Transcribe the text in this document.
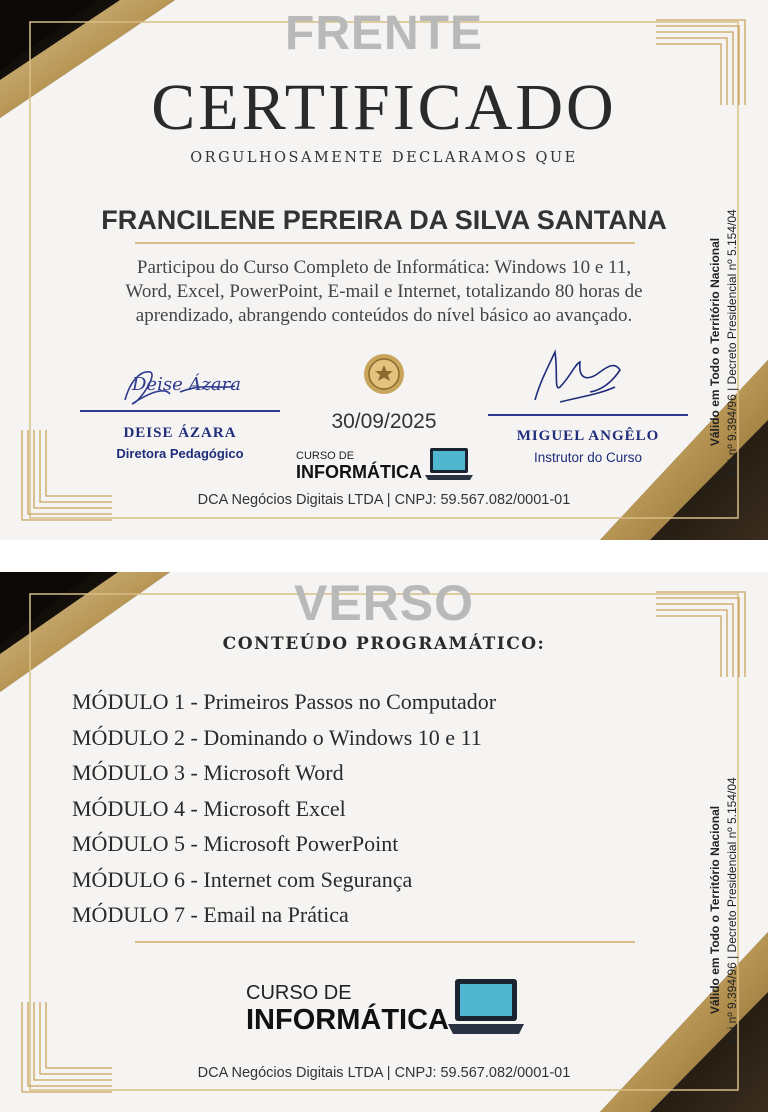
FRENTE
CERTIFICADO
ORGULHOSAMENTE DECLARAMOS QUE
FRANCILENE PEREIRA DA SILVA SANTANA
Participou do Curso Completo de Informática: Windows 10 e 11,
Word, Excel, PowerPoint, E-mail e Internet, totalizando 80 horas de
aprendizado, abrangendo conteúdos do nível básico ao avançado.
Deise Ázara
DEISE ÁZARA
Diretora Pedagógico
30/09/2025
CURSO DE
INFORMÁTICA
MIGUEL ANGÊLO
Instrutor do Curso
DCA Negócios Digitais LTDA | CNPJ: 59.567.082/0001-01
Válido em Todo o Território Nacional Lei nº 9.394/96 | Decreto Presidencial nº 5.154/04
VERSO
CONTEÚDO PROGRAMÁTICO:
MÓDULO 1 - Primeiros Passos no Computador
MÓDULO 2 - Dominando o Windows 10 e 11
MÓDULO 3 - Microsoft Word
MÓDULO 4 - Microsoft Excel
MÓDULO 5 - Microsoft PowerPoint
MÓDULO 6 - Internet com Segurança
MÓDULO 7 - Email na Prática
CURSO DE
INFORMÁTICA
DCA Negócios Digitais LTDA | CNPJ: 59.567.082/0001-01
Válido em Todo o Território Nacional Lei nº 9.394/96 | Decreto Presidencial nº 5.154/04
